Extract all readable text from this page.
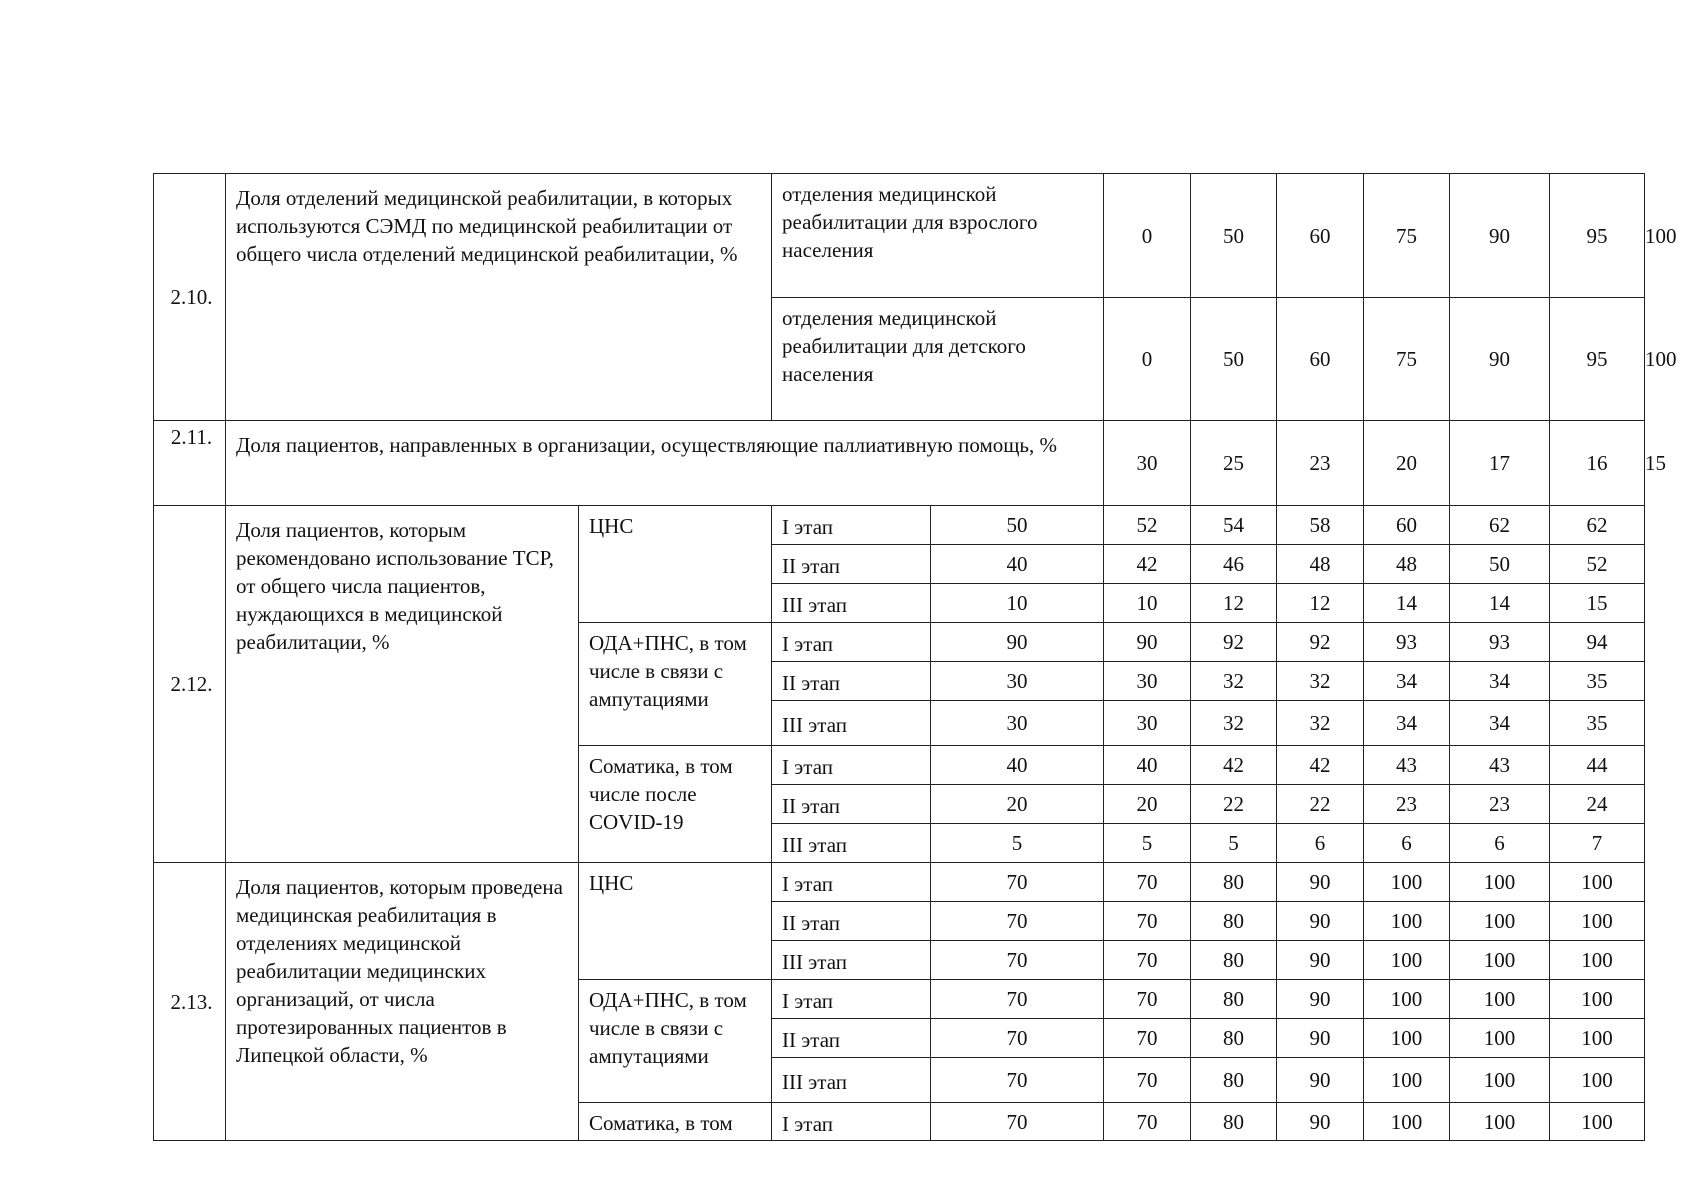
2.10.	Доля отделений медицинской реабилитации, в которых используются СЭМД по медицинской реабилитации от общего числа отделений медицинской реабилитации, %		отделения медицинской реабилитации для взрослого населения		0	50	60	75	90	95	100
			отделения медицинской реабилитации для детского населения		0	50	60	75	90	95	100
2.11.	Доля пациентов, направленных в организации, осуществляющие паллиативную помощь, %				30	25	23	20	17	16	15
2.12.	Доля пациентов, которым рекомендовано использование ТСР, от общего числа пациентов, нуждающихся в медицинской реабилитации, %	ЦНС	I этап	50	52	54	58	60	62	62	
			II этап	40	42	46	48	48	50	52	
			III этап	10	10	12	12	14	14	15	
		ОДА+ПНС, в том числе в связи с ампутациями	I этап	90	90	92	92	93	93	94	
			II этап	30	30	32	32	34	34	35	
			III этап	30	30	32	32	34	34	35	
		Соматика, в том числе после COVID-19	I этап	40	40	42	42	43	43	44	
			II этап	20	20	22	22	23	23	24	
			III этап	5	5	5	6	6	6	7	
2.13.	Доля пациентов, которым проведена медицинская реабилитация в отделениях медицинской реабилитации медицинских организаций, от числа протезированных пациентов в Липецкой области, %	ЦНС	I этап	70	70	80	90	100	100	100	
			II этап	70	70	80	90	100	100	100	
			III этап	70	70	80	90	100	100	100	
		ОДА+ПНС, в том числе в связи с ампутациями	I этап	70	70	80	90	100	100	100	
			II этап	70	70	80	90	100	100	100	
			III этап	70	70	80	90	100	100	100	
		Соматика, в том	I этап	70	70	80	90	100	100	100	
